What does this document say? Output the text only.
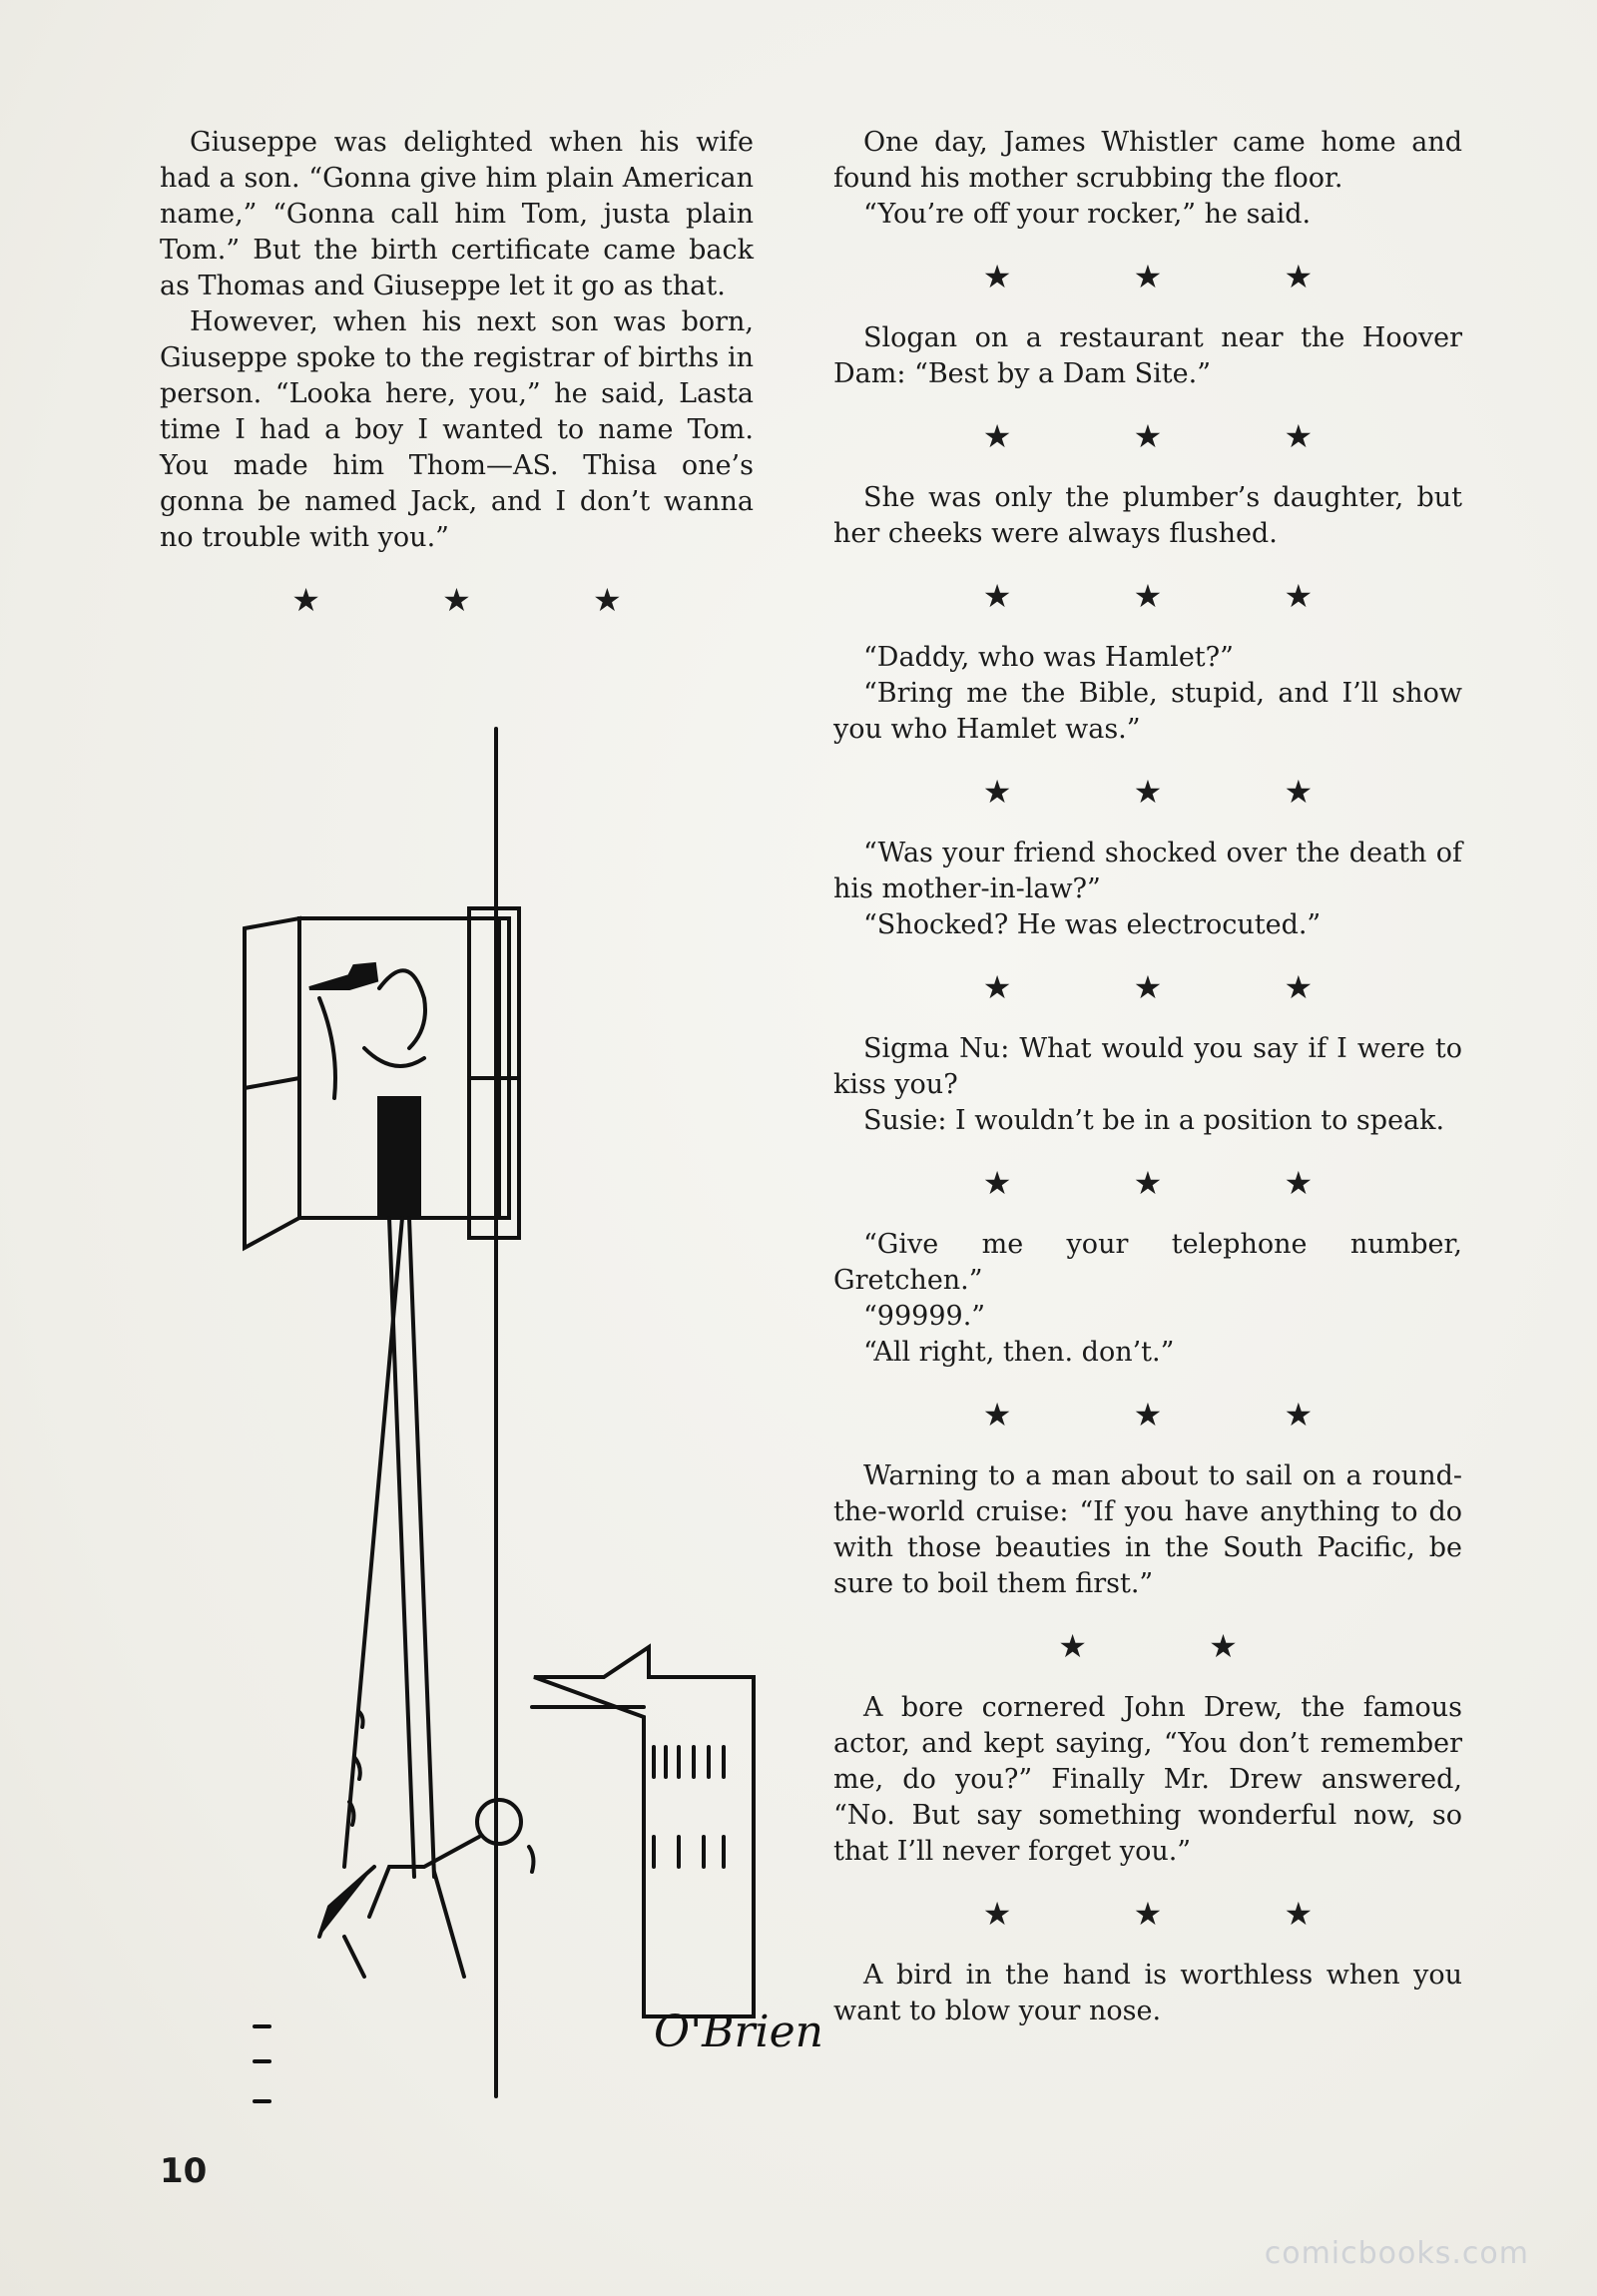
Giuseppe was delighted when his wife had a son. “Gonna give him plain American name,” “Gonna call him Tom, justa plain Tom.” But the birth certificate came back as Thomas and Giuseppe let it go as that.

However, when his next son was born, Giuseppe spoke to the registrar of births in person. “Looka here, you,” he said, Lasta time I had a boy I wanted to name Tom. You made him Thom—AS. Thisa one’s gonna be named Jack, and I don’t wanna no trouble with you.”

★ ★ ★
O'Brien

One day, James Whistler came home and found his mother scrubbing the floor.

“You’re off your rocker,” he said.

★ ★ ★

Slogan on a restaurant near the Hoover Dam: “Best by a Dam Site.”

★ ★ ★

She was only the plumber’s daughter, but her cheeks were always flushed.

★ ★ ★

“Daddy, who was Hamlet?”

“Bring me the Bible, stupid, and I’ll show you who Hamlet was.”

★ ★ ★

“Was your friend shocked over the death of his mother-in-law?”

“Shocked? He was electrocuted.”

★ ★ ★

Sigma Nu: What would you say if I were to kiss you?

Susie: I wouldn’t be in a position to speak.

★ ★ ★

“Give me your telephone number, Gretchen.”

“99999.”

“All right, then. don’t.”

★ ★ ★

Warning to a man about to sail on a round-the-world cruise: “If you have anything to do with those beauties in the South Pacific, be sure to boil them first.”

★ ★

A bore cornered John Drew, the famous actor, and kept saying, “You don’t remember me, do you?” Finally Mr. Drew answered, “No. But say something wonderful now, so that I’ll never forget you.”

★ ★ ★

A bird in the hand is worthless when you want to blow your nose.

10
comicbooks.com
